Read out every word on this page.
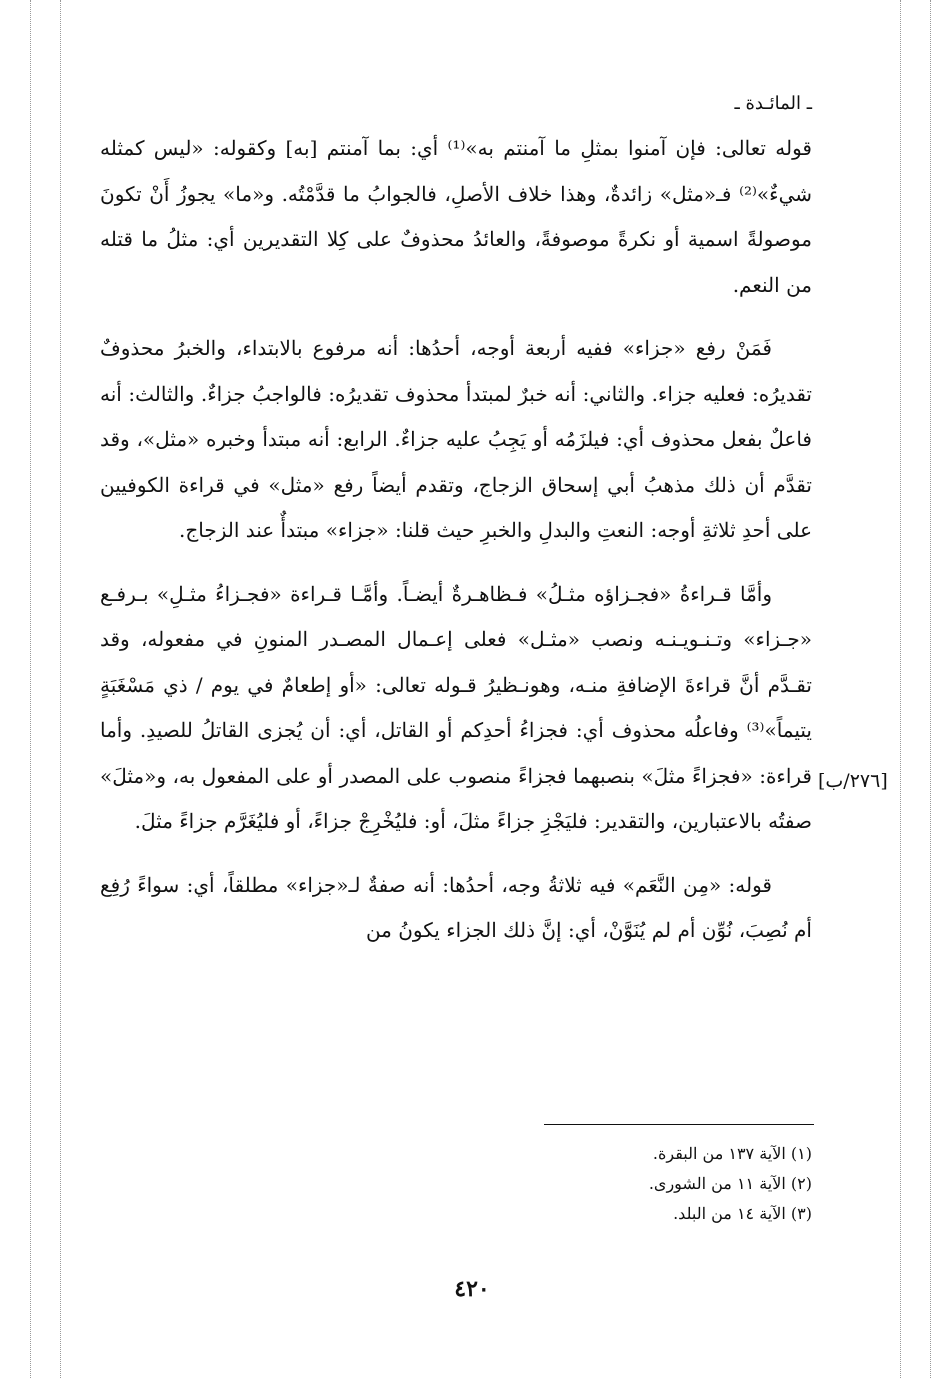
ـ المائـدة ـ

قوله تعالى: فإن آمنوا بمثلِ ما آمنتم به»⁽¹⁾ أي: بما آمنتم [به] وكقوله: «ليس كمثله شيءٌ»⁽²⁾ فـ«مثل» زائدةٌ، وهذا خلاف الأصلِ، فالجوابُ ما قدَّمْتُه. و«ما» يجوزُ أَنْ تكونَ موصولةً اسمية أو نكرةً موصوفةً، والعائدُ محذوفٌ على كِلا التقديرين أي: مثلُ ما قتله من النعم.

فَمَنْ رفع «جزاء» ففيه أربعة أوجه، أحدُها: أنه مرفوع بالابتداء، والخبرُ محذوفٌ تقديرُه: فعليه جزاء. والثاني: أنه خبرٌ لمبتدأ محذوف تقديرُه: فالواجبُ جزاءٌ. والثالث: أنه فاعلٌ بفعل محذوف أي: فيلزَمُه أو يَجِبُ عليه جزاءٌ. الرابع: أنه مبتدأ وخبره «مثل»، وقد تقدَّم أن ذلك مذهبُ أبي إسحاق الزجاج، وتقدم أيضاً رفع «مثل» في قراءة الكوفيين على أحدِ ثلاثةِ أوجه: النعتِ والبدلِ والخبرِ حيث قلنا: «جزاء» مبتدأٌ عند الزجاج.

وأمَّا قـراءةُ «فجـزاؤه مثـلُ» فـظاهـرةٌ أيضـاً. وأمَّـا قـراءة «فجـزاءُ مثـلِ» بـرفـع «جـزاء» وتـنـويـنـه ونصب «مثـل» فعلى إعـمال المصـدر المنونِ في مفعوله، وقد تقـدَّم أنَّ قراءةَ الإضافةِ منـه، وهونـظيرُ قـوله تعالى: «أو إطعامٌ في يوم / ذي مَسْغَبَةٍ يتيماً»⁽³⁾ وفاعلُه محذوف أي: فجزاءُ أحدِكم أو القاتل، أي: أن يُجزى القاتلُ للصيدِ. وأما قراءة: «فجزاءً مثلَ» بنصبهما فجزاءً منصوب على المصدر أو على المفعول به، و«مثلَ» صفتُه بالاعتبارين، والتقدير: فليَجْزِ جزاءً مثلَ، أو: فليُخْرِجْ جزاءً، أو فليُغَرَّم جزاءً مثلَ.

قوله: «مِن النَّعَم» فيه ثلاثةُ وجه، أحدُها: أنه صفةٌ لـ«جزاء» مطلقاً، أي: سواءً رُفِع أم نُصِبَ، نُوِّن أم لم يُنَوَّنْ، أي: إنَّ ذلك الجزاء يكونُ من

[٢٧٦/ب]
(١) الآية ١٣٧ من البقرة.
(٢) الآية ١١ من الشورى.
(٣) الآية ١٤ من البلد.
٤٢٠
